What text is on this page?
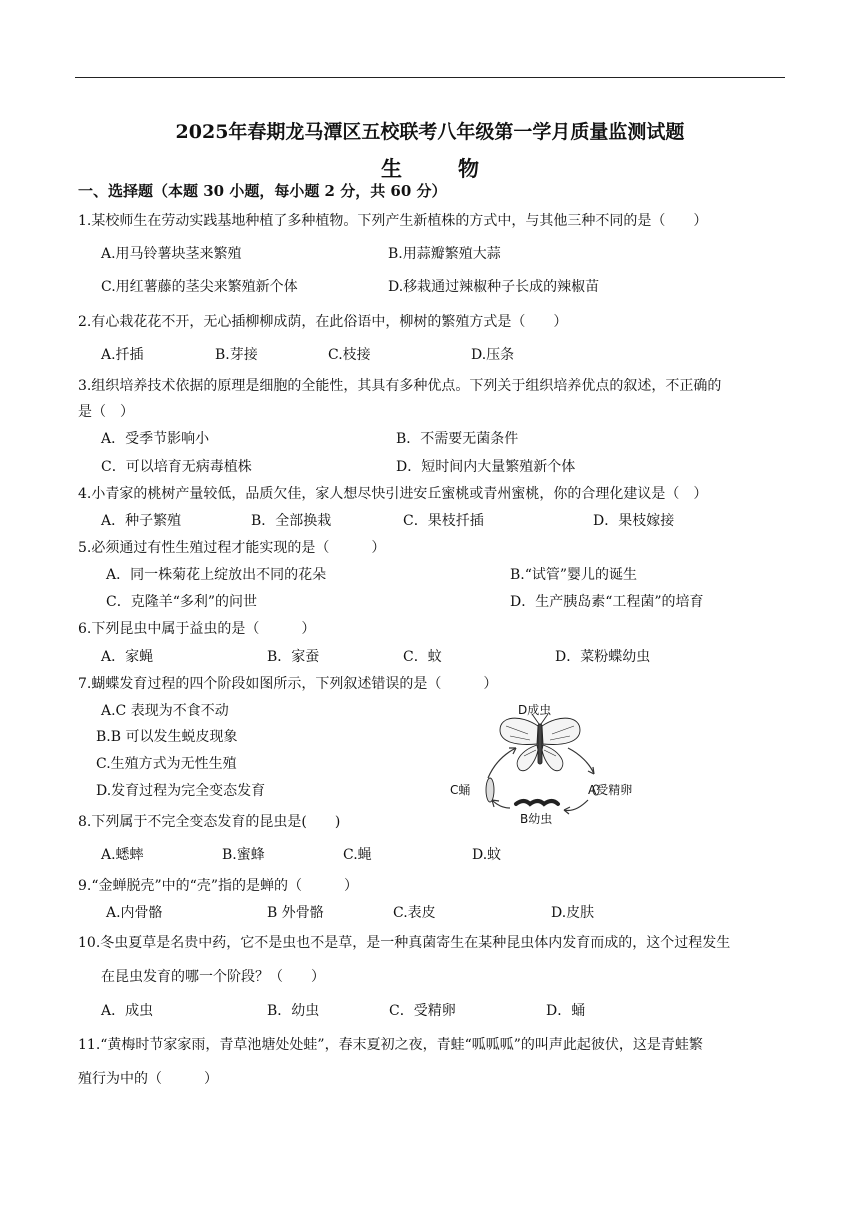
2025年春期龙马潭区五校联考八年级第一学月质量监测试题
生	物
一、选择题（本题 30 小题，每小题 2 分，共 60 分）
1.某校师生在劳动实践基地种植了多种植物。下列产生新植株的方式中，与其他三种不同的是（　　）
A.用马铃薯块茎来繁殖	B.用蒜瓣繁殖大蒜
C.用红薯藤的茎尖来繁殖新个体	D.移栽通过辣椒种子长成的辣椒苗
2.有心栽花花不开，无心插柳柳成荫，在此俗语中，柳树的繁殖方式是（　　）
A.扦插	B.芽接	C.枝接	D.压条
3.组织培养技术依据的原理是细胞的全能性，其具有多种优点。下列关于组织培养优点的叙述，不正确的
是（　）
A．受季节影响小	B．不需要无菌条件
C．可以培育无病毒植株	D．短时间内大量繁殖新个体
4.小青家的桃树产量较低，品质欠佳，家人想尽快引进安丘蜜桃或青州蜜桃，你的合理化建议是（　）
A．种子繁殖	B．全部换栽	C．果枝扦插	D．果枝嫁接
5.必须通过有性生殖过程才能实现的是（　　　）
A．同一株菊花上绽放出不同的花朵	B.“试管”婴儿的诞生
C．克隆羊“多利”的问世	D．生产胰岛素“工程菌”的培育
6.下列昆虫中属于益虫的是（　　　）
A．家蝇	B．家蚕	C．蚊	D．菜粉蝶幼虫
7.蝴蝶发育过程的四个阶段如图所示，下列叙述错误的是（　　　）
A.C 表现为不食不动
B.B 可以发生蜕皮现象
C.生殖方式为无性生殖
D.发育过程为完全变态发育
D成虫
C蛹	A受精卵
B幼虫
8.下列属于不完全变态发育的昆虫是(　　)
A.蟋蟀	B.蜜蜂	C.蝇	D.蚊
9.“金蝉脱壳”中的“壳”指的是蝉的（　　　）
A.内骨骼	B 外骨骼	C.表皮	D.皮肤
10.冬虫夏草是名贵中药，它不是虫也不是草，是一种真菌寄生在某种昆虫体内发育而成的，这个过程发生
在昆虫发育的哪一个阶段？（　　）
A．成虫	B．幼虫	C．受精卵	D．蛹
11.“黄梅时节家家雨，青草池塘处处蛙”，春末夏初之夜，青蛙“呱呱呱”的叫声此起彼伏，这是青蛙繁
殖行为中的（　　　）
